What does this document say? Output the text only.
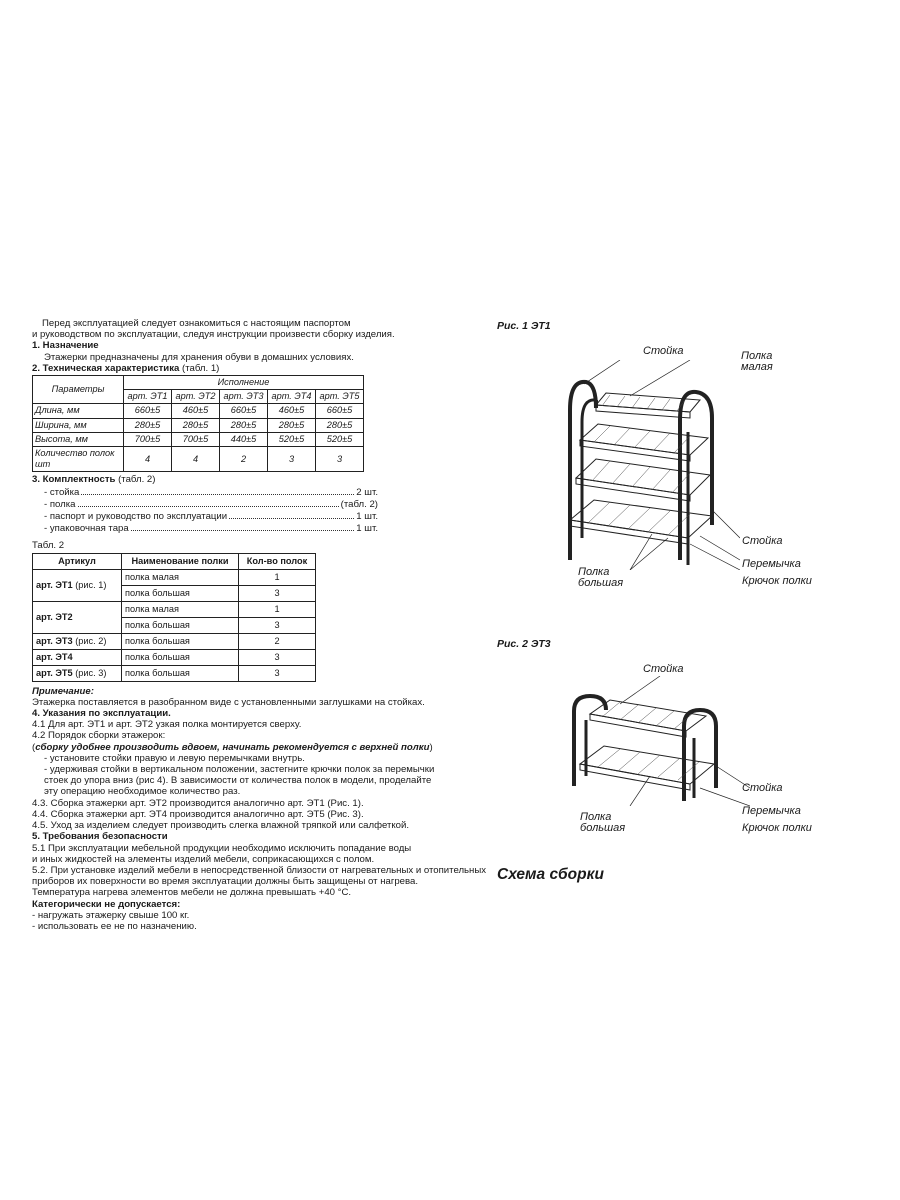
Перед эксплуатацией следует ознакомиться с настоящим паспортом

и руководством по эксплуатации, следуя инструкции произвести сборку изделия.

1. Назначение

Этажерки предназначены для хранения обуви в домашних условиях.

2. Техническая характеристика (табл. 1)

Параметры	Исполнение				
	арт. ЭТ1	арт. ЭТ2	арт. ЭТ3	арт. ЭТ4	арт. ЭТ5
Длина, мм	660±5	460±5	660±5	460±5	660±5
Ширина, мм	280±5	280±5	280±5	280±5	280±5
Высота, мм	700±5	700±5	440±5	520±5	520±5
Количество полок шт	4	4	2	3	3

3. Комплектность (табл. 2)

- стойка	2 шт.
- полка	(табл. 2)
- паспорт и руководство по эксплуатации	1 шт.
- упаковочная тара	1 шт.

Табл. 2

Артикул	Наименование полки	Кол-во полок
арт. ЭТ1 (рис. 1)	полка малая	1
	полка большая	3
арт. ЭТ2	полка малая	1
	полка большая	3
арт. ЭТ3 (рис. 2)	полка большая	2
арт. ЭТ4	полка большая	3
арт. ЭТ5 (рис. 3)	полка большая	3

Примечание:

Этажерка поставляется в разобранном виде с установленными заглушками на стойках.

4. Указания по эксплуатации.

4.1 Для арт. ЭТ1 и арт. ЭТ2 узкая полка монтируется сверху.

4.2 Порядок сборки этажерок:

(сборку удобнее производить вдвоем, начинать рекомендуется с верхней полки)

- установите стойки правую и левую перемычками внутрь.

- удерживая стойки в вертикальном положении, застегните крючки полок за перемычки

стоек до упора вниз (рис 4). В зависимости от количества полок в модели, проделайте

эту операцию необходимое количество раз.

4.3. Сборка этажерки арт. ЭТ2 производится аналогично арт. ЭТ1 (Рис. 1).

4.4. Сборка этажерки арт. ЭТ4 производится аналогично арт. ЭТ5 (Рис. 3).

4.5. Уход за изделием следует производить слегка влажной тряпкой или салфеткой.

5. Требования безопасности

5.1 При эксплуатации мебельной продукции необходимо исключить попадание воды

и иных жидкостей на элементы изделий мебели, соприкасающихся с полом.

5.2. При установке изделий мебели в непосредственной близости от нагревательных и отопительных

приборов их поверхности во время эксплуатации должны быть защищены от нагрева.

Температура нагрева элементов мебели не должна превышать +40 °С.

Категорически не допускается:

- нагружать этажерку свыше 100 кг.

- использовать ее не по назначению.

Рис. 1 ЭТ1
Стойка	Полка
малая
Стойка
Перемычка
Крючок полки
Полка
большая
Рис. 2 ЭТ3
Стойка
Стойка
Перемычка
Крючок полки
Полка
большая
Схема сборки
